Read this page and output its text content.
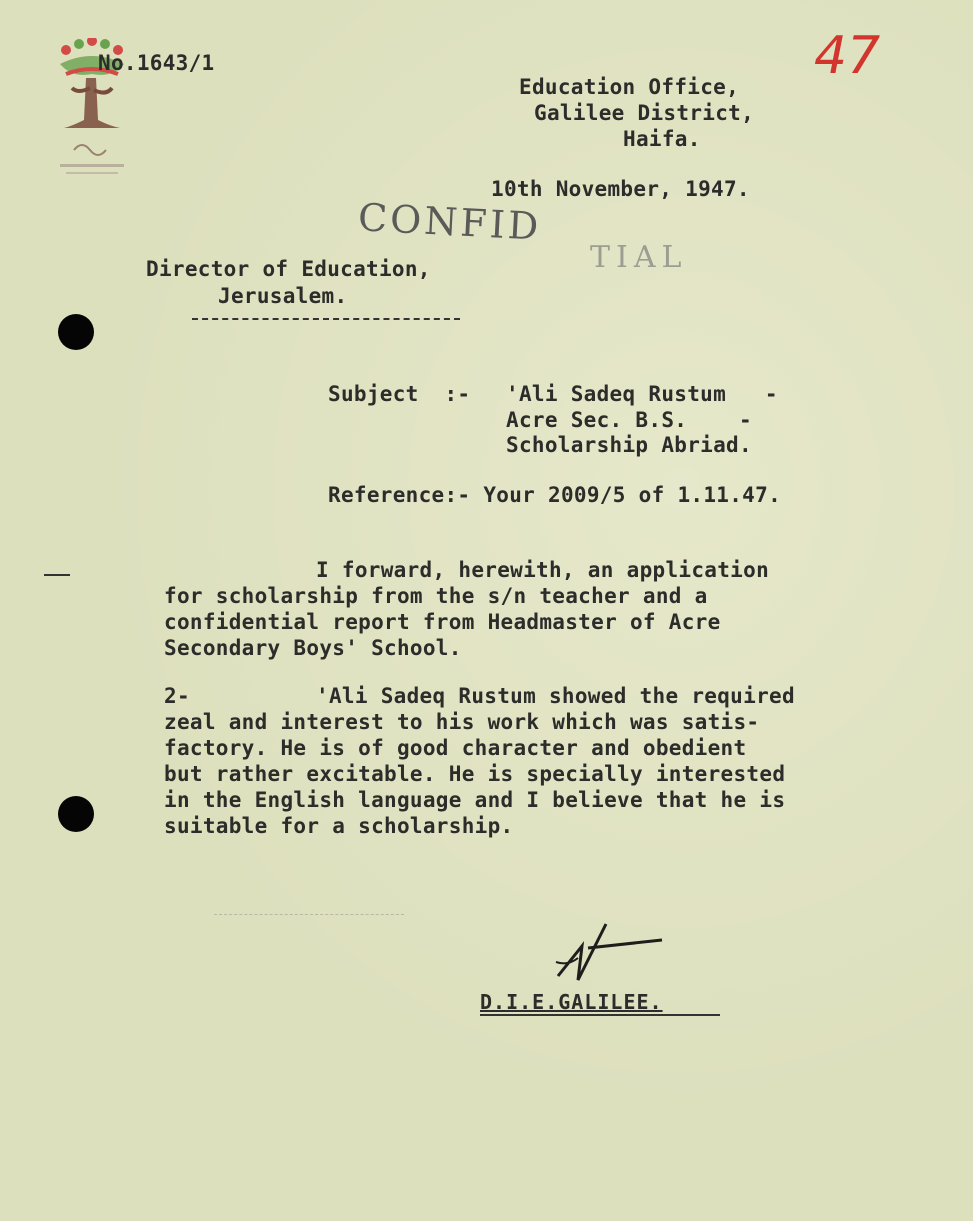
No.1643/1	47
Education Office,
Galilee District,
Haifa.
10th November, 1947.
CONFID
TIAL
Director of Education,
Jerusalem.
Subject  :- 'Ali Sadeq Rustum   -
Acre Sec. B.S.    -
Scholarship Abriad.
Reference:- Your 2009/5 of 1.11.47.
I forward, herewith, an application
for scholarship from the s/n teacher and a
confidential report from Headmaster of Acre
Secondary Boys' School.
2-	'Ali Sadeq Rustum showed the required
zeal and interest to his work which was satis-
factory. He is of good character and obedient
but rather excitable. He is specially interested
in the English language and I believe that he is
suitable for a scholarship.
D.I.E.GALILEE.
